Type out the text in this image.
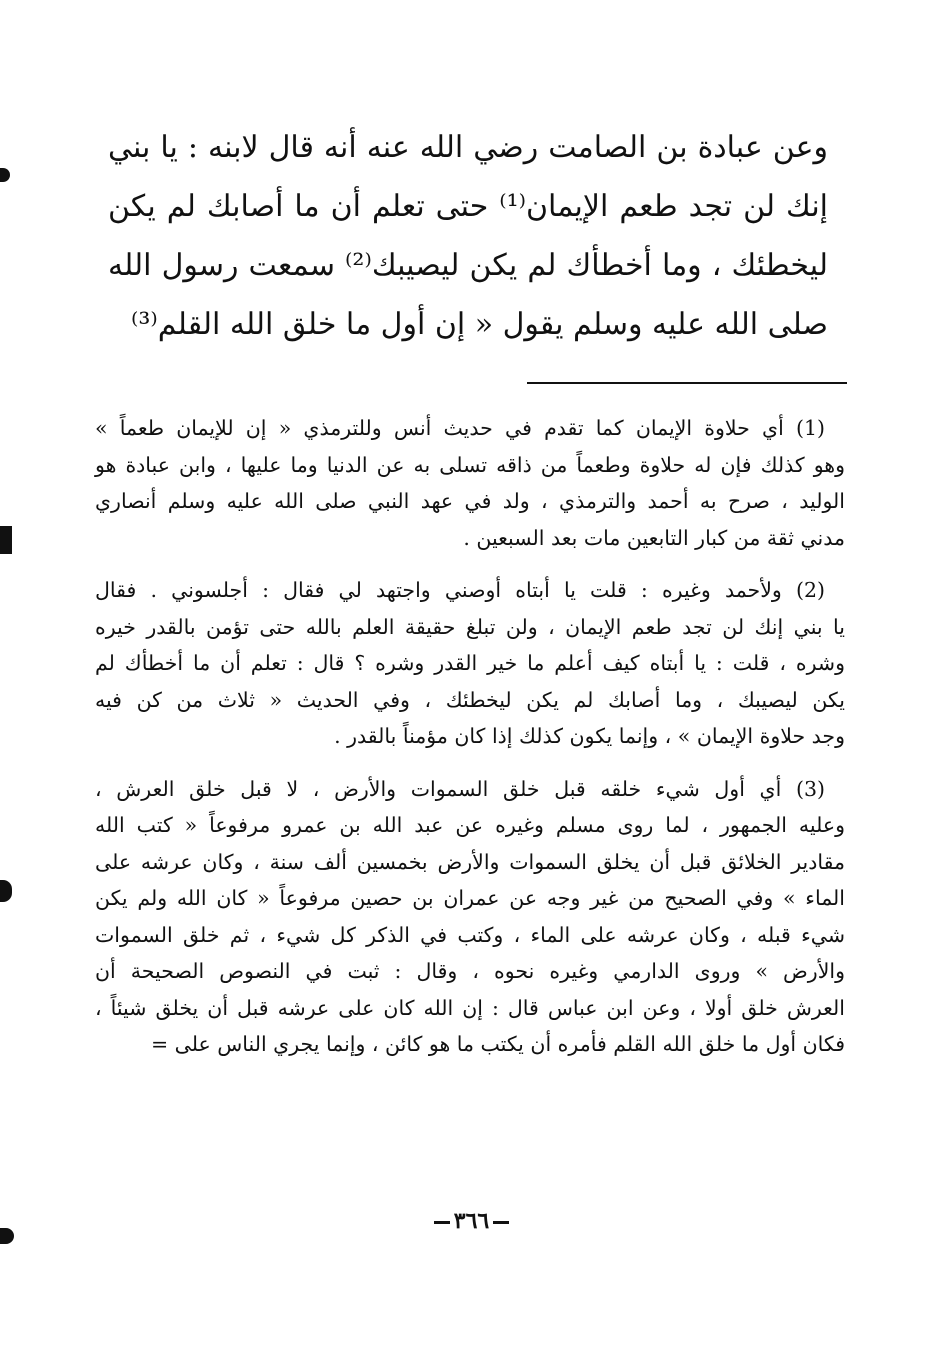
وعن عبادة بن الصامت رضي الله عنه أنه قال لابنه : يا بني
إنك لن تجد طعم الإيمان⁽¹⁾ حتى تعلم أن ما أصابك لم يكن
ليخطئك ، وما أخطأك لم يكن ليصيبك⁽²⁾ سمعت رسول الله
صلى الله عليه وسلم يقول « إن أول ما خلق الله القلم⁽³⁾
(1) أي حلاوة الإيمان كما تقدم في حديث أنس وللترمذي « إن للإيمان طعماً »
وهو كذلك فإن له حلاوة وطعماً من ذاقه تسلى به عن الدنيا وما عليها ، وابن عبادة هو
الوليد ، صرح به أحمد والترمذي ، ولد في عهد النبي صلى الله عليه وسلم أنصاري
مدني ثقة من كبار التابعين مات بعد السبعين .
(2) ولأحمد وغيره : قلت يا أبتاه أوصني واجتهد لي فقال : أجلسوني . فقال
يا بني إنك لن تجد طعم الإيمان ، ولن تبلغ حقيقة العلم بالله حتى تؤمن بالقدر خيره
وشره ، قلت : يا أبتاه كيف أعلم ما خير القدر وشره ؟ قال : تعلم أن ما أخطأك لم
يكن ليصيبك ، وما أصابك لم يكن ليخطئك ، وفي الحديث « ثلاث من كن فيه
وجد حلاوة الإيمان » ، وإنما يكون كذلك إذا كان مؤمناً بالقدر .
(3) أي أول شيء خلقه قبل خلق السموات والأرض ، لا قبل خلق العرش ،
وعليه الجمهور ، لما روى مسلم وغيره عن عبد الله بن عمرو مرفوعاً « كتب الله
مقادير الخلائق قبل أن يخلق السموات والأرض بخمسين ألف سنة ، وكان عرشه على
الماء » وفي الصحيح من غير وجه عن عمران بن حصين مرفوعاً « كان الله ولم يكن
شيء قبله ، وكان عرشه على الماء ، وكتب في الذكر كل شيء ، ثم خلق السموات
والأرض » وروى الدارمي وغيره نحوه ، وقال : ثبت في النصوص الصحيحة أن
العرش خلق أولا ، وعن ابن عباس قال : إن الله كان على عرشه قبل أن يخلق شيئاً ،
فكان أول ما خلق الله القلم فأمره أن يكتب ما هو كائن ، وإنما يجري الناس على =
٣٦٦
